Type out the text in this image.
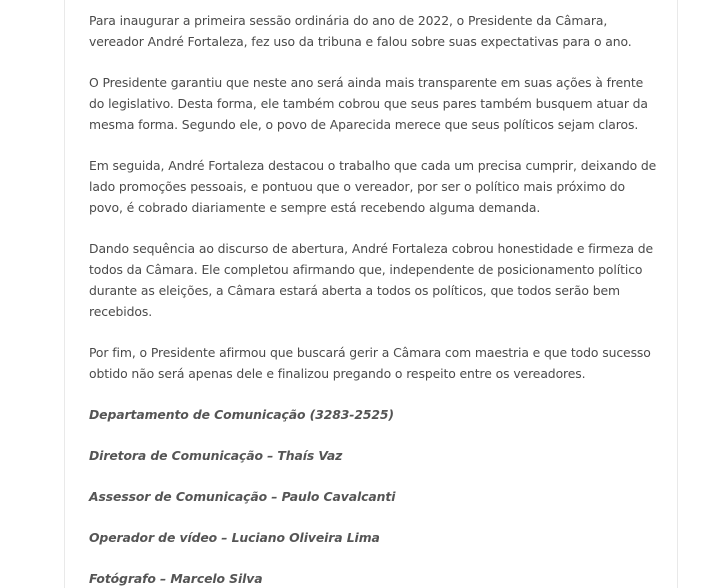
Para inaugurar a primeira sessão ordinária do ano de 2022, o Presidente da Câmara, vereador André Fortaleza, fez uso da tribuna e falou sobre suas expectativas para o ano.

O Presidente garantiu que neste ano será ainda mais transparente em suas ações à frente do legislativo. Desta forma, ele também cobrou que seus pares também busquem atuar da mesma forma. Segundo ele, o povo de Aparecida merece que seus políticos sejam claros.

Em seguida, André Fortaleza destacou o trabalho que cada um precisa cumprir, deixando de lado promoções pessoais, e pontuou que o vereador, por ser o político mais próximo do povo, é cobrado diariamente e sempre está recebendo alguma demanda.

Dando sequência ao discurso de abertura, André Fortaleza cobrou honestidade e firmeza de todos da Câmara. Ele completou afirmando que, independente de posicionamento político durante as eleições, a Câmara estará aberta a todos os políticos, que todos serão bem recebidos.

Por fim, o Presidente afirmou que buscará gerir a Câmara com maestria e que todo sucesso obtido não será apenas dele e finalizou pregando o respeito entre os vereadores.

Departamento de Comunicação (3283-2525)

Diretora de Comunicação – Thaís Vaz

Assessor de Comunicação – Paulo Cavalcanti

Operador de vídeo – Luciano Oliveira Lima

Fotógrafo – Marcelo Silva
